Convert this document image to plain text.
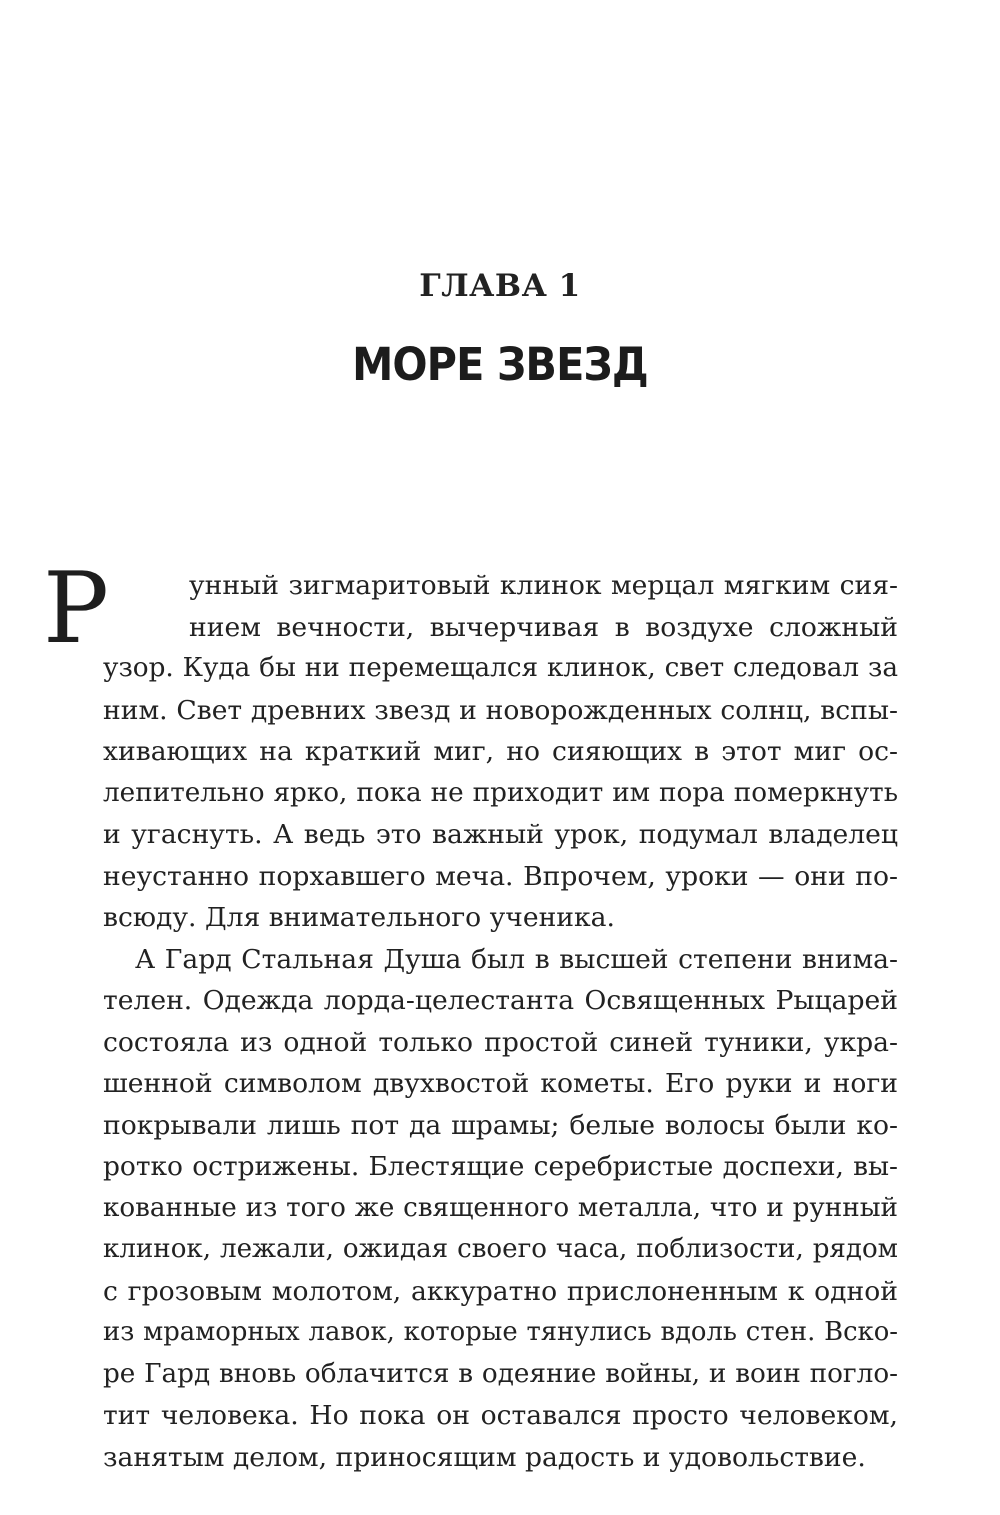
ГЛАВА 1
МОРЕ ЗВЕЗД
Р	унный зигмаритовый клинок мерцал мягким сия-
нием вечности, вычерчивая в воздухе сложный
узор. Куда бы ни перемещался клинок, свет следовал за
ним. Свет древних звезд и новорожденных солнц, вспы-
хивающих на краткий миг, но сияющих в этот миг ос-
лепительно ярко, пока не приходит им пора померкнуть
и угаснуть. А ведь это важный урок, подумал владелец
неустанно порхавшего меча. Впрочем, уроки — они по-
всюду. Для внимательного ученика.
А Гард Стальная Душа был в высшей степени внима-
телен. Одежда лорда-целестанта Освященных Рыцарей
состояла из одной только простой синей туники, укра-
шенной символом двухвостой кометы. Его руки и ноги
покрывали лишь пот да шрамы; белые волосы были ко-
ротко острижены. Блестящие серебристые доспехи, вы-
кованные из того же священного металла, что и рунный
клинок, лежали, ожидая своего часа, поблизости, рядом
с грозовым молотом, аккуратно прислоненным к одной
из мраморных лавок, которые тянулись вдоль стен. Вско-
ре Гард вновь облачится в одеяние войны, и воин погло-
тит человека. Но пока он оставался просто человеком,
занятым делом, приносящим радость и удовольствие.
